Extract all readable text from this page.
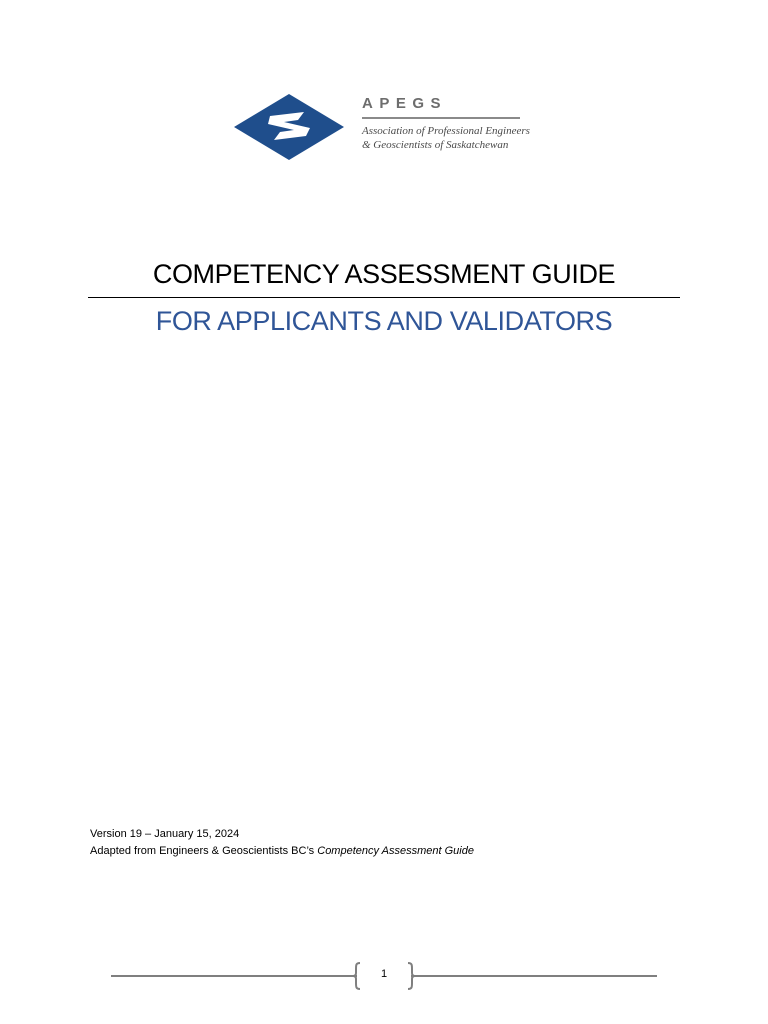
APEGS
Association of Professional Engineers
& Geoscientists of Saskatchewan
COMPETENCY ASSESSMENT GUIDE
FOR APPLICANTS AND VALIDATORS
Version 19 – January 15, 2024
Adapted from Engineers & Geoscientists BC’s Competency Assessment Guide
1
